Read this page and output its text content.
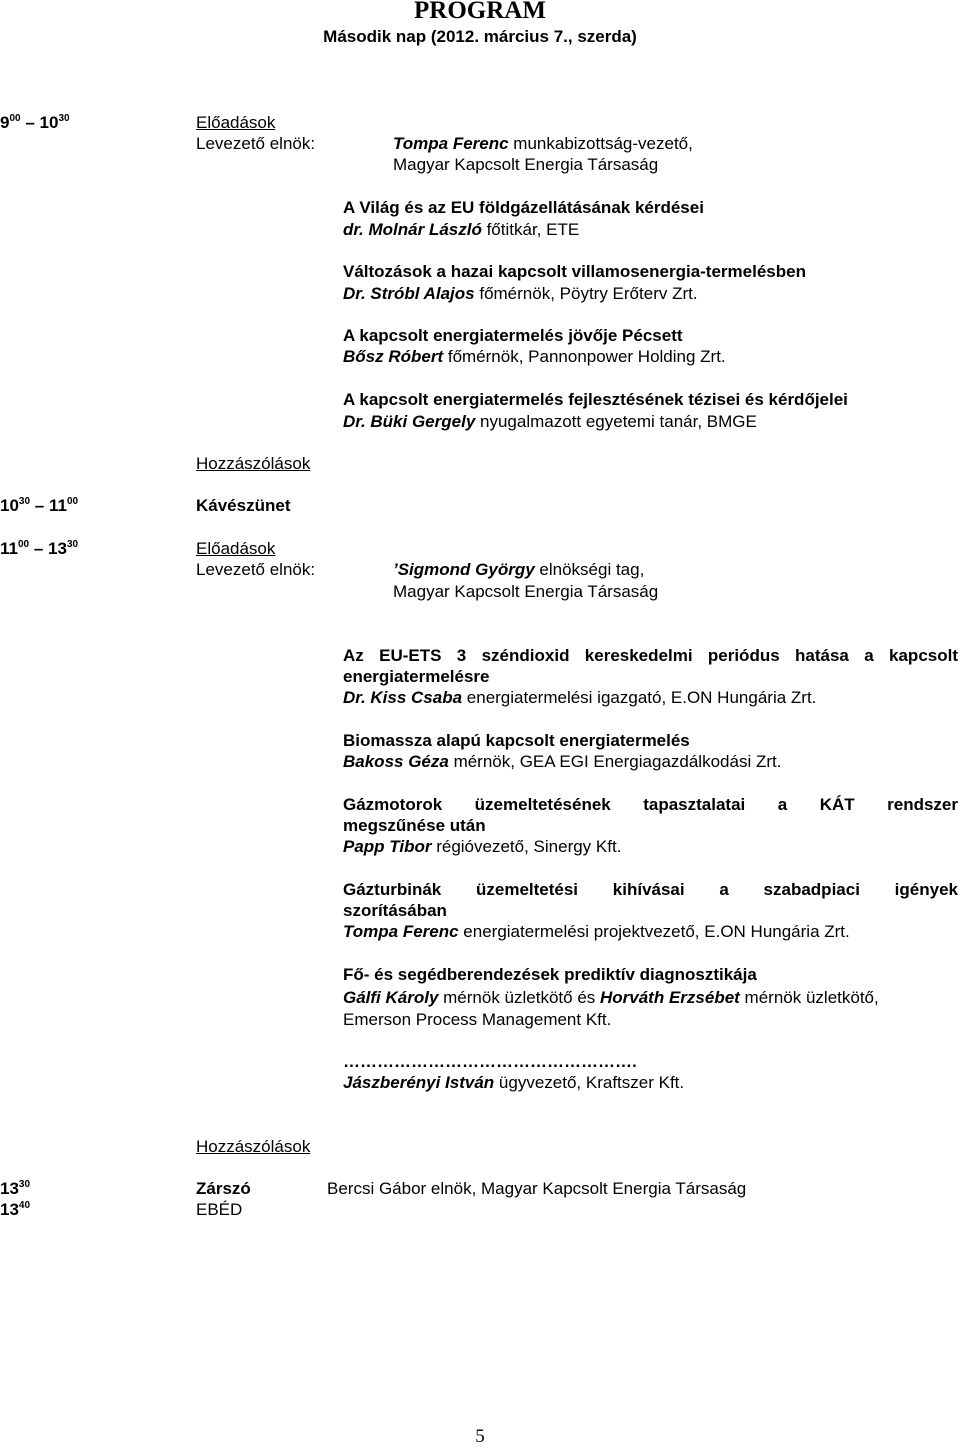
PROGRAM
Második nap (2012. március 7., szerda)
$9^{00} - 10^{30}$	Előadások
Levezető elnök:	Tompa Ferenc munkabizottság-vezető,
Magyar Kapcsolt Energia Társaság
A Világ és az EU földgázellátásának kérdései
dr. Molnár László főtitkár, ETE
Változások a hazai kapcsolt villamosenergia-termelésben
Dr. Stróbl Alajos főmérnök, Pöytry Erőterv Zrt.
A kapcsolt energiatermelés jövője Pécsett
Bősz Róbert főmérnök, Pannonpower Holding Zrt.
A kapcsolt energiatermelés fejlesztésének tézisei és kérdőjelei
Dr. Büki Gergely nyugalmazott egyetemi tanár, BMGE
Hozzászólások
$10^{30} - 11^{00}$	Kávészünet
$11^{00} - 13^{30}$	Előadások
Levezető elnök:	’Sigmond György elnökségi tag,
Magyar Kapcsolt Energia Társaság
Az EU-ETS 3 széndioxid kereskedelmi periódus hatása a kapcsolt
energiatermelésre
Dr. Kiss Csaba energiatermelési igazgató, E.ON Hungária Zrt.
Biomassza alapú kapcsolt energiatermelés
Bakoss Géza mérnök, GEA EGI Energiagazdálkodási Zrt.
Gázmotorok üzemeltetésének tapasztalatai a KÁT rendszer
megszűnése után
Papp Tibor régióvezető, Sinergy Kft.
Gázturbinák üzemeltetési kihívásai a szabadpiaci igények
szorításában
Tompa Ferenc energiatermelési projektvezető, E.ON Hungária Zrt.
Fő- és segédberendezések prediktív diagnosztikája
Gálfi Károly mérnök üzletkötő és Horváth Erzsébet mérnök üzletkötő,
Emerson Process Management Kft.
…………………………………………….
Jászberényi István ügyvezető, Kraftszer Kft.
Hozzászólások
$13^{30}$	Zárszó	Bercsi Gábor elnök, Magyar Kapcsolt Energia Társaság
$13^{40}$	EBÉD
5
